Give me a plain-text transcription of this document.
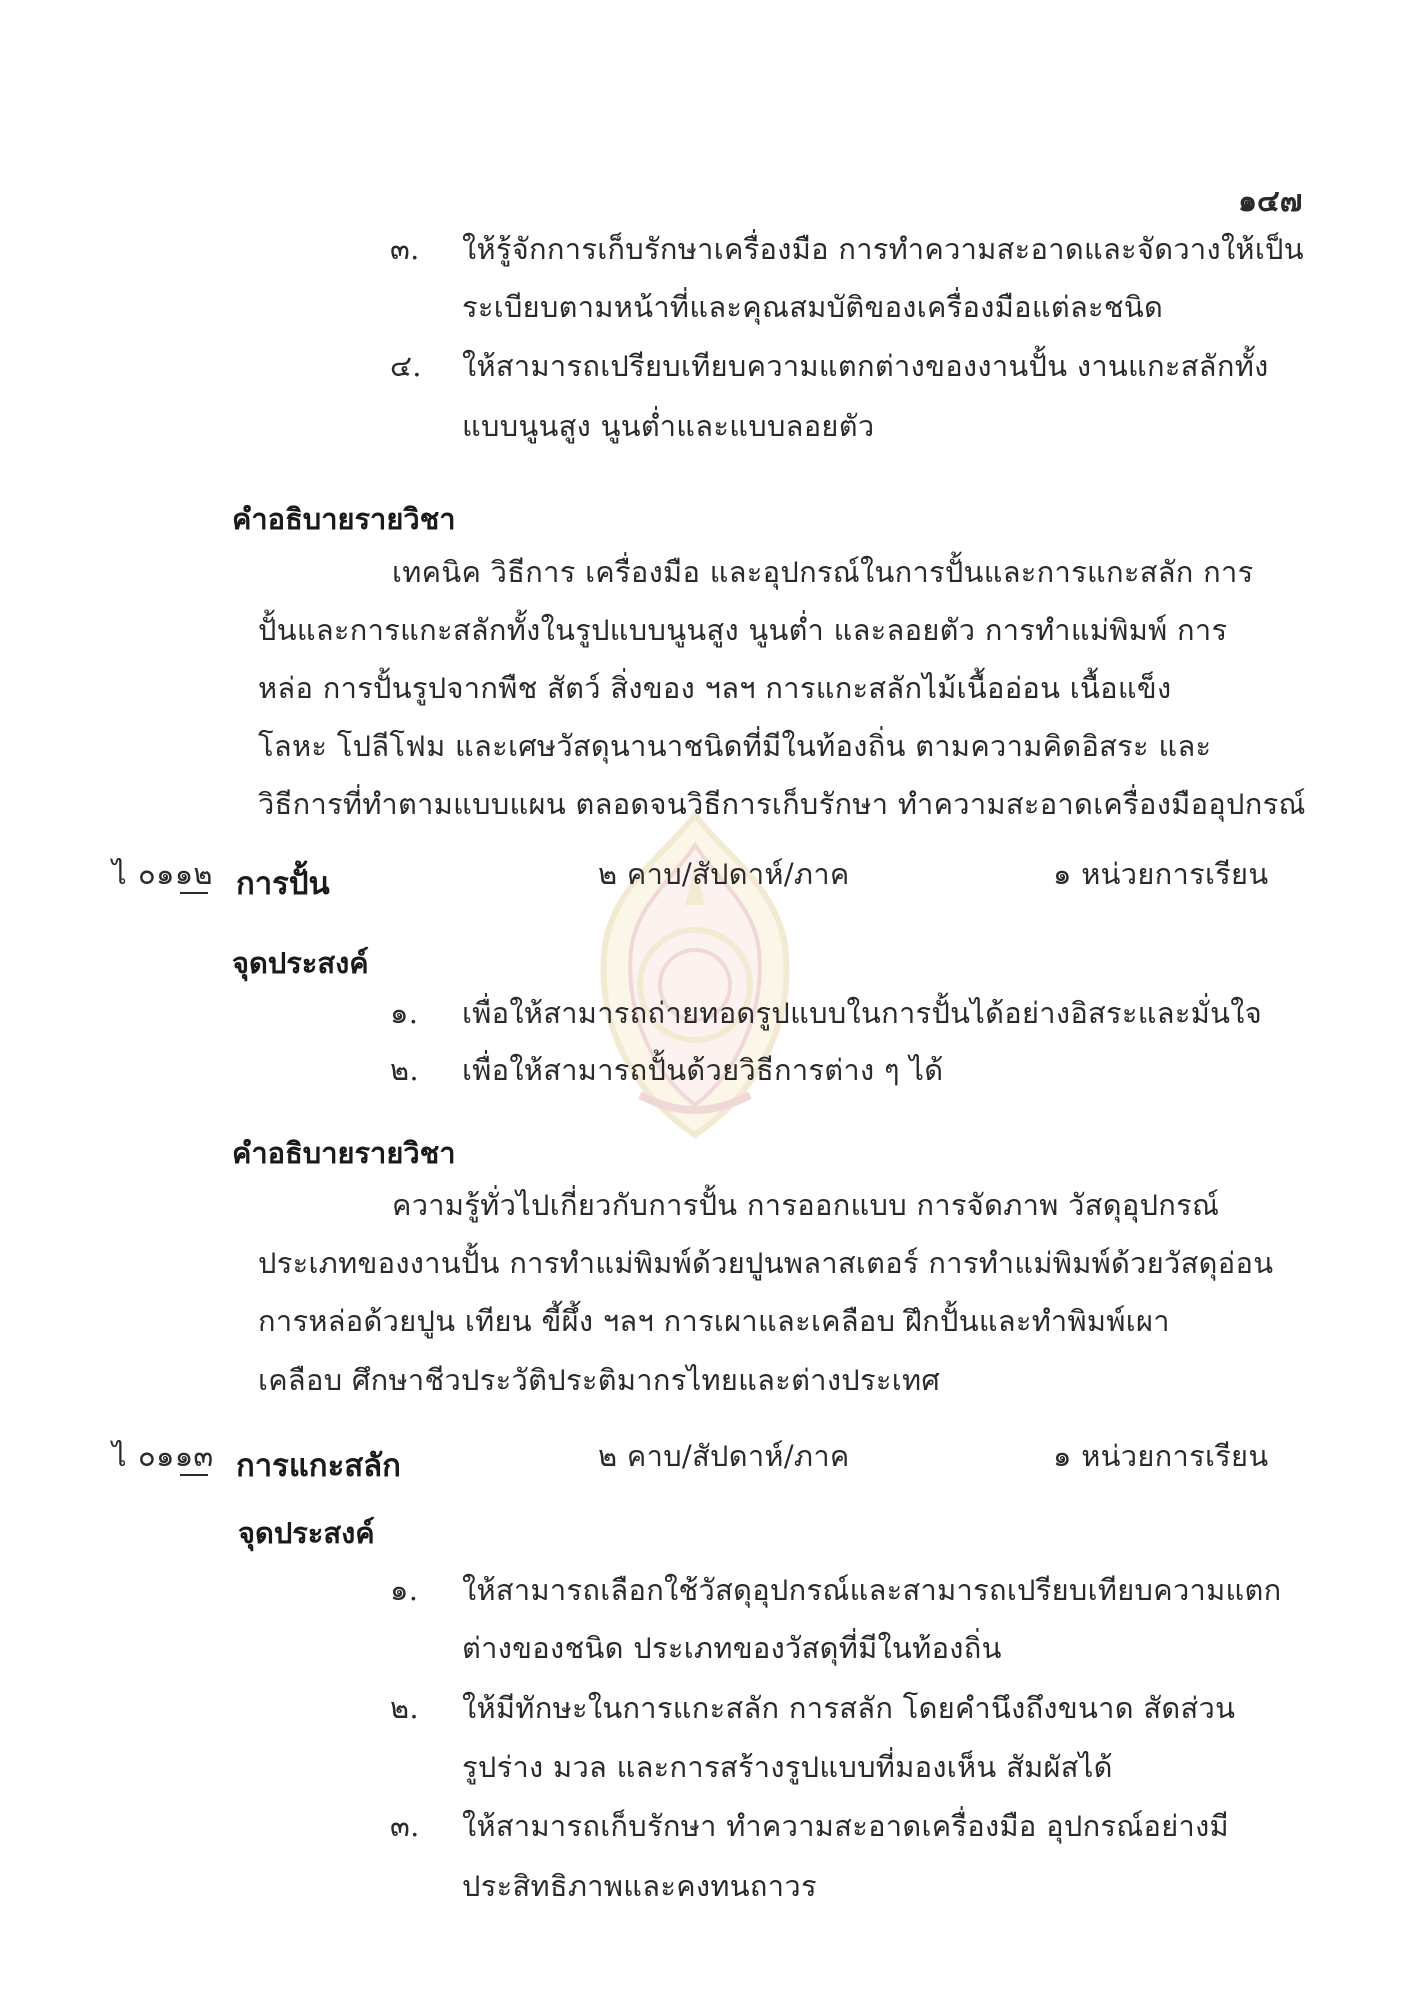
๑๔๗
๓. ให้รู้จักการเก็บรักษาเครื่องมือ การทำความสะอาดและจัดวางให้เป็น
ระเบียบตามหน้าที่และคุณสมบัติของเครื่องมือแต่ละชนิด
๔. ให้สามารถเปรียบเทียบความแตกต่างของงานปั้น งานแกะสลักทั้ง
แบบนูนสูง นูนต่ำและแบบลอยตัว
คำอธิบายรายวิชา
เทคนิค วิธีการ เครื่องมือ และอุปกรณ์ในการปั้นและการแกะสลัก การ
ปั้นและการแกะสลักทั้งในรูปแบบนูนสูง นูนต่ำ และลอยตัว การทำแม่พิมพ์ การ
หล่อ การปั้นรูปจากพืช สัตว์ สิ่งของ ฯลฯ การแกะสลักไม้เนื้ออ่อน เนื้อแข็ง
โลหะ โปลีโฟม และเศษวัสดุนานาชนิดที่มีในท้องถิ่น ตามความคิดอิสระ และ
วิธีการที่ทำตามแบบแผน ตลอดจนวิธีการเก็บรักษา ทำความสะอาดเครื่องมืออุปกรณ์
ไ ๐๑๑๒ การปั้น	๒ คาบ/สัปดาห์/ภาค	๑ หน่วยการเรียน
จุดประสงค์
๑. เพื่อให้สามารถถ่ายทอดรูปแบบในการปั้นได้อย่างอิสระและมั่นใจ
๒. เพื่อให้สามารถปั้นด้วยวิธีการต่าง ๆ ได้
คำอธิบายรายวิชา
ความรู้ทั่วไปเกี่ยวกับการปั้น การออกแบบ การจัดภาพ วัสดุอุปกรณ์
ประเภทของงานปั้น การทำแม่พิมพ์ด้วยปูนพลาสเตอร์ การทำแม่พิมพ์ด้วยวัสดุอ่อน
การหล่อด้วยปูน เทียน ขี้ผึ้ง ฯลฯ การเผาและเคลือบ ฝึกปั้นและทำพิมพ์เผา
เคลือบ ศึกษาชีวประวัติประติมากรไทยและต่างประเทศ
ไ ๐๑๑๓ การแกะสลัก	๒ คาบ/สัปดาห์/ภาค	๑ หน่วยการเรียน
จุดประสงค์
๑. ให้สามารถเลือกใช้วัสดุอุปกรณ์และสามารถเปรียบเทียบความแตก
ต่างของชนิด ประเภทของวัสดุที่มีในท้องถิ่น
๒. ให้มีทักษะในการแกะสลัก การสลัก โดยคำนึงถึงขนาด สัดส่วน
รูปร่าง มวล และการสร้างรูปแบบที่มองเห็น สัมผัสได้
๓. ให้สามารถเก็บรักษา ทำความสะอาดเครื่องมือ อุปกรณ์อย่างมี
ประสิทธิภาพและคงทนถาวร
